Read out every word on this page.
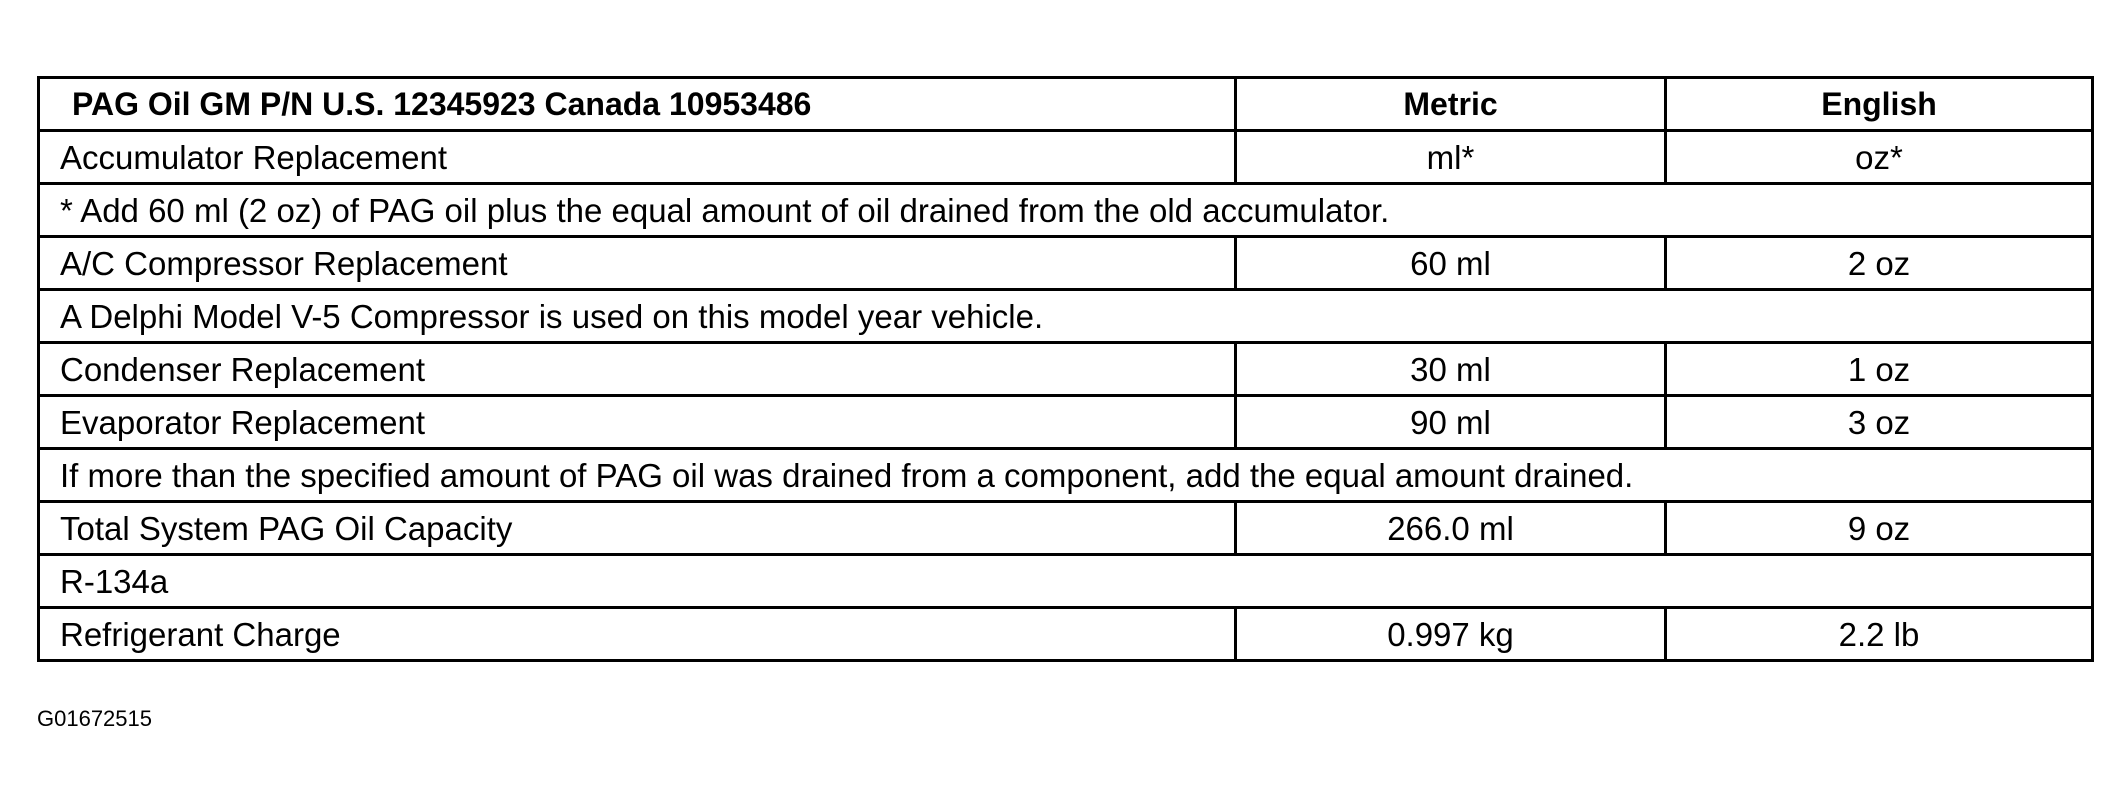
PAG Oil GM P/N U.S. 12345923 Canada 10953486	Metric	English
Accumulator Replacement	ml*	oz*
* Add 60 ml (2 oz) of PAG oil plus the equal amount of oil drained from the old accumulator.		
A/C Compressor Replacement	60 ml	2 oz
A Delphi Model V-5 Compressor is used on this model year vehicle.		
Condenser Replacement	30 ml	1 oz
Evaporator Replacement	90 ml	3 oz
If more than the specified amount of PAG oil was drained from a component, add the equal amount drained.		
Total System PAG Oil Capacity	266.0 ml	9 oz
R-134a		
Refrigerant Charge	0.997 kg	2.2 lb
G01672515
